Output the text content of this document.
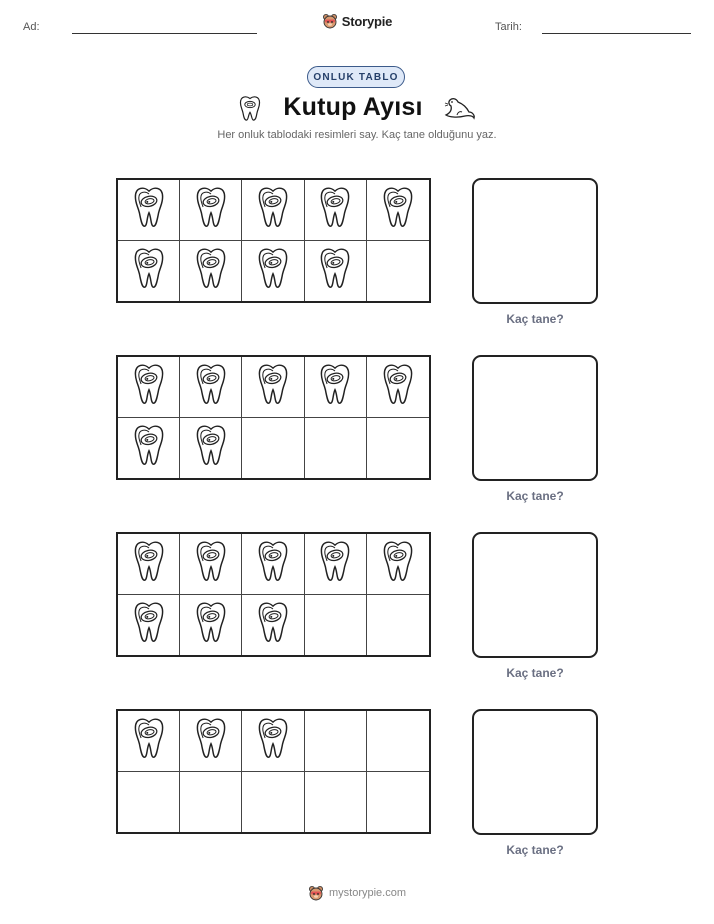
Ad:	Storypie	Tarih:
ONLUK TABLO
Kutup Ayısı
Her onluk tablodaki resimleri say. Kaç tane olduğunu yaz.
Kaç tane?
Kaç tane?
Kaç tane?
Kaç tane?
mystorypie.com
